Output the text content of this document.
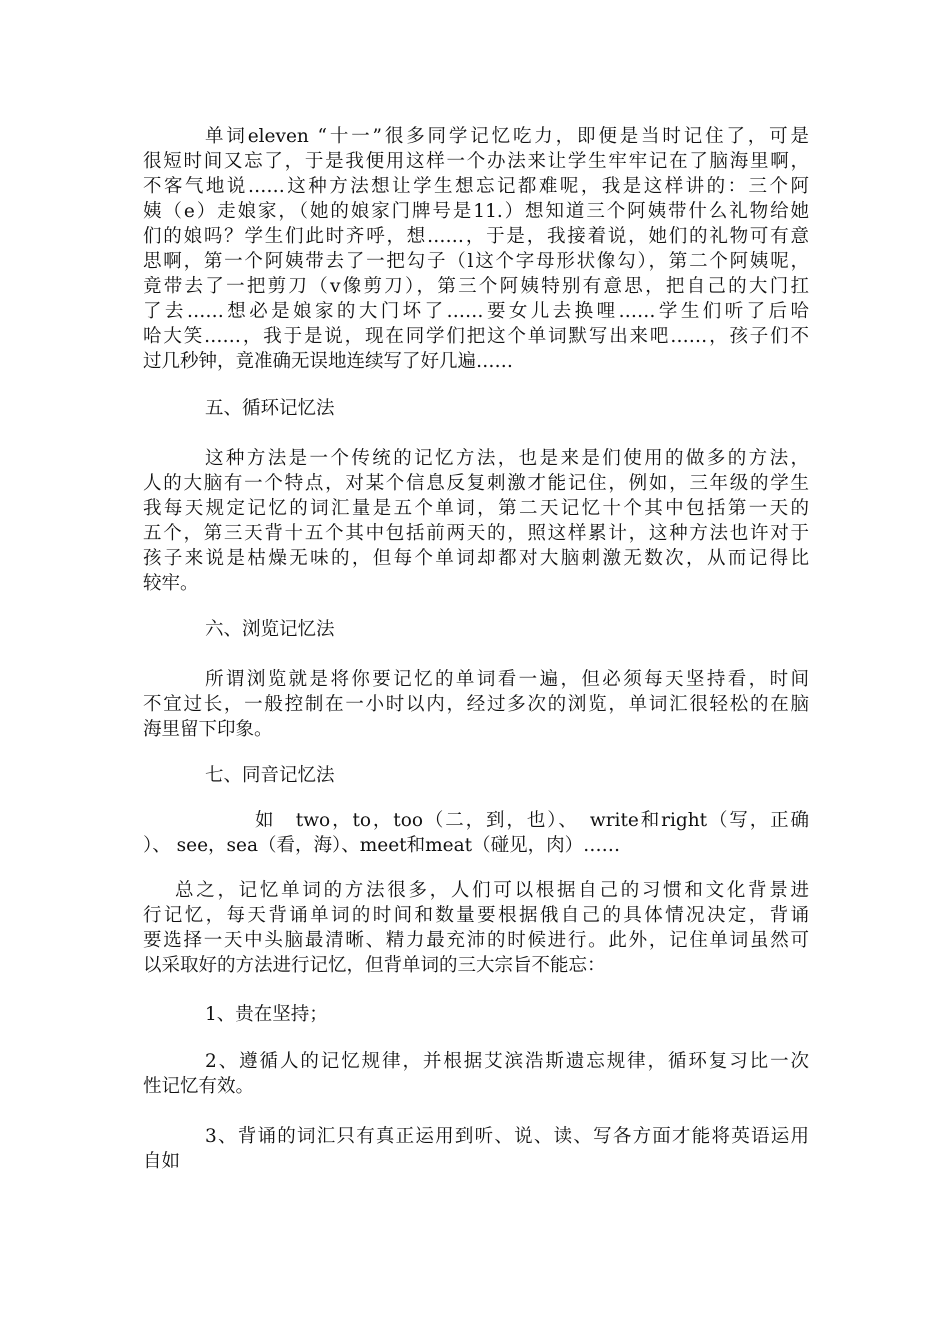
单词eleven “十一”很多同学记忆吃力，即便是当时记住了，可是
很短时间又忘了，于是我便用这样一个办法来让学生牢牢记在了脑海里啊，
不客气地说……这种方法想让学生想忘记都难呢，我是这样讲的：三个阿
姨（e）走娘家，（她的娘家门牌号是11.）想知道三个阿姨带什么礼物给她
们的娘吗？学生们此时齐呼，想……，于是，我接着说，她们的礼物可有意
思啊，第一个阿姨带去了一把勾子（l这个字母形状像勾），第二个阿姨呢，
竟带去了一把剪刀（v像剪刀），第三个阿姨特别有意思，把自己的大门扛
了去……想必是娘家的大门坏了……要女儿去换哩……学生们听了后哈
哈大笑……，我于是说，现在同学们把这个单词默写出来吧……，孩子们不
过几秒钟，竟准确无误地连续写了好几遍……
五、循环记忆法
这种方法是一个传统的记忆方法，也是来是们使用的做多的方法，
人的大脑有一个特点，对某个信息反复刺激才能记住，例如，三年级的学生
我每天规定记忆的词汇量是五个单词，第二天记忆十个其中包括第一天的
五个，第三天背十五个其中包括前两天的，照这样累计，这种方法也许对于
孩子来说是枯燥无味的，但每个单词却都对大脑刺激无数次，从而记得比
较牢。
六、浏览记忆法
所谓浏览就是将你要记忆的单词看一遍，但必须每天坚持看，时间
不宜过长，一般控制在一小时以内，经过多次的浏览，单词汇很轻松的在脑
海里留下印象。
七、同音记忆法
如　two，to，too（二，到，也）、　write和right（写，正确
）、 see，sea（看，海）、meet和meat（碰见，肉）……
总之，记忆单词的方法很多，人们可以根据自己的习惯和文化背景进
行记忆，每天背诵单词的时间和数量要根据俄自己的具体情况决定，背诵
要选择一天中头脑最清晰、精力最充沛的时候进行。此外，记住单词虽然可
以采取好的方法进行记忆，但背单词的三大宗旨不能忘：
1、贵在坚持；
2、遵循人的记忆规律，并根据艾滨浩斯遗忘规律，循环复习比一次
性记忆有效。
3、背诵的词汇只有真正运用到听、说、读、写各方面才能将英语运用
自如
